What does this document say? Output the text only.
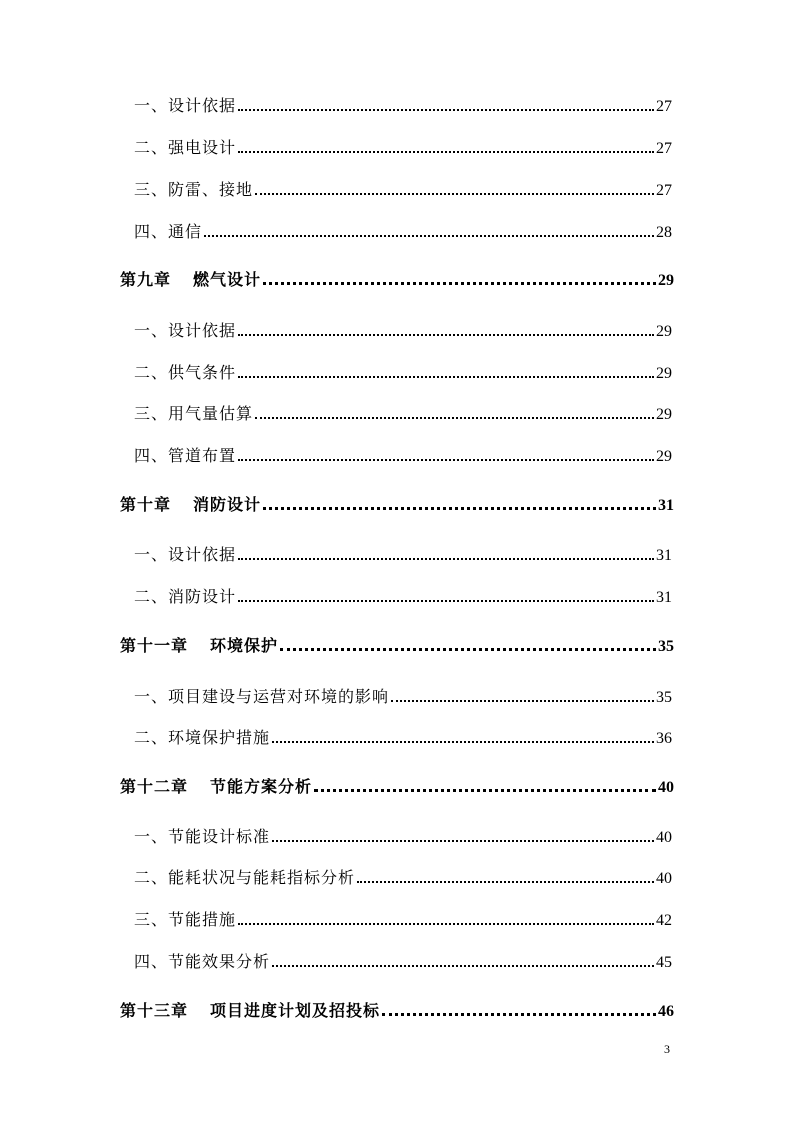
一、设计依据	27
二、强电设计	27
三、防雷、接地	27
四、通信	28
第九章 燃气设计	29
一、设计依据	29
二、供气条件	29
三、用气量估算	29
四、管道布置	29
第十章 消防设计	31
一、设计依据	31
二、消防设计	31
第十一章 环境保护	35
一、项目建设与运营对环境的影响	35
二、环境保护措施	36
第十二章 节能方案分析	40
一、节能设计标准	40
二、能耗状况与能耗指标分析	40
三、节能措施	42
四、节能效果分析	45
第十三章 项目进度计划及招投标	46
3
